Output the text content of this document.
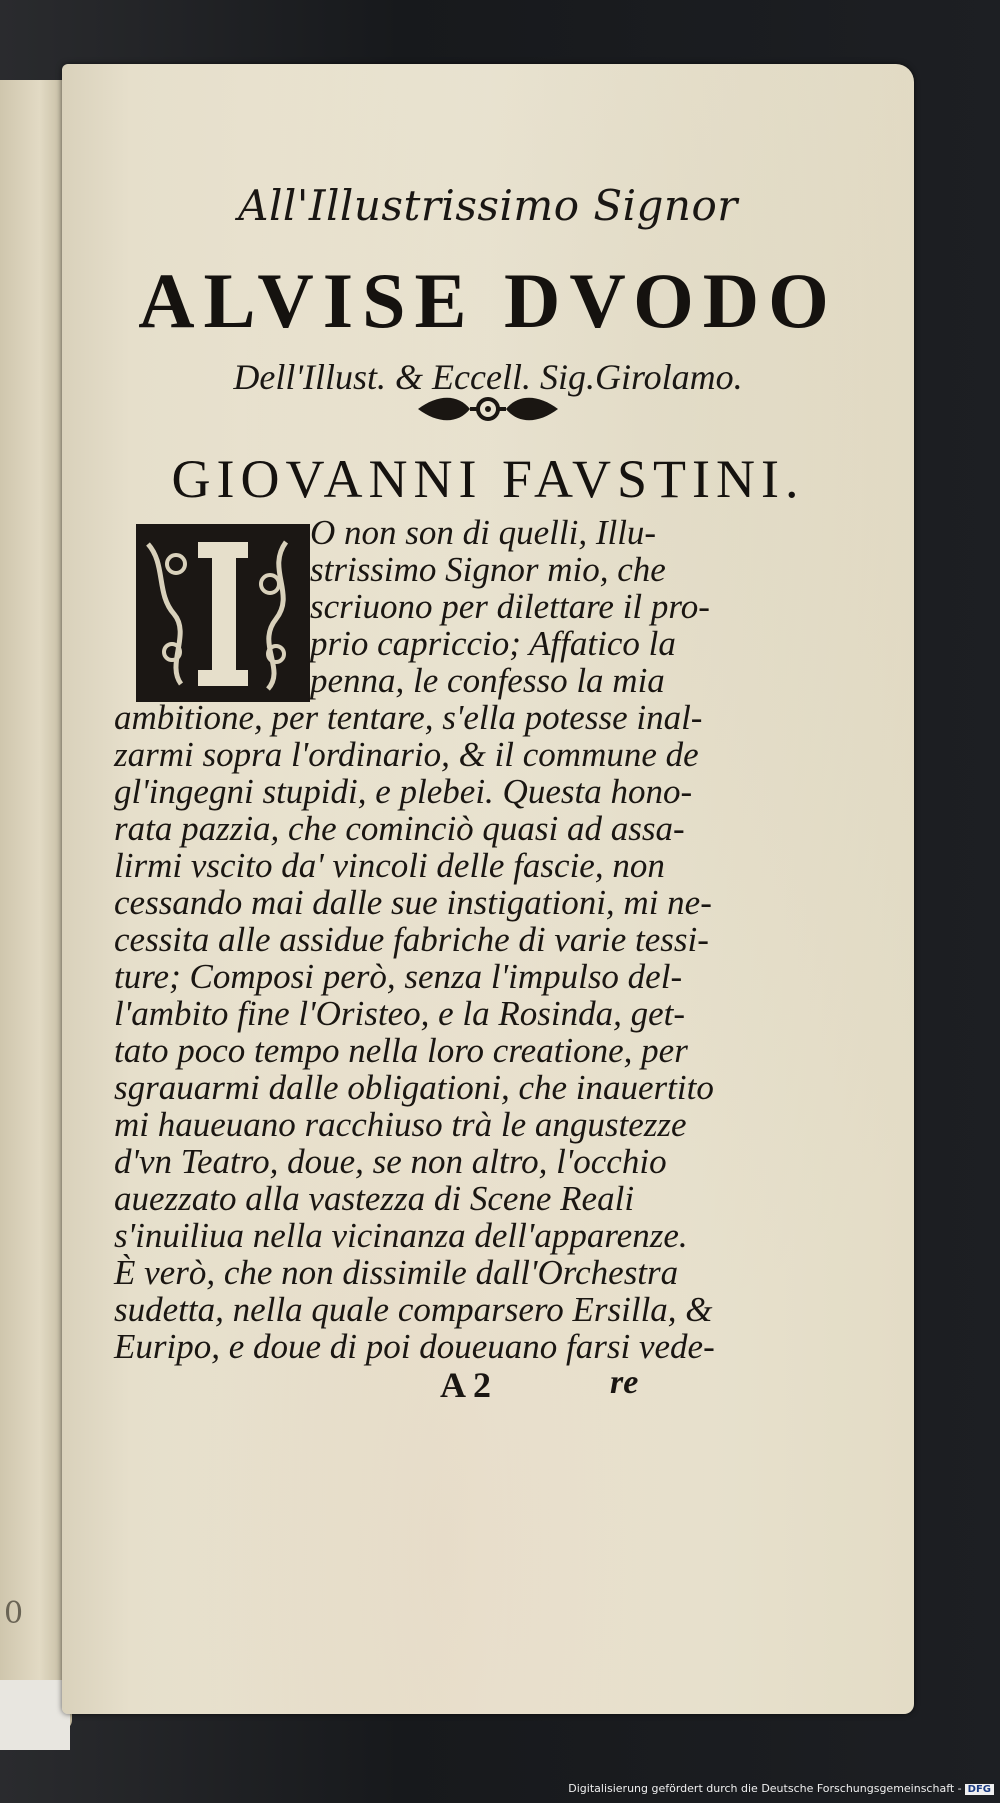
0
All'Illustrissimo Signor
ALVISE DVODO
Dell'Illust. & Eccell. Sig.Girolamo.
GIOVANNI FAVSTINI.
O non son di quelli, Illu-
strissimo Signor mio, che
scriuono per dilettare il pro-
prio capriccio; Affatico la
penna, le confesso la mia
ambitione, per tentare, s'ella potesse inal-
zarmi sopra l'ordinario, & il commune de
gl'ingegni stupidi, e plebei. Questa hono-
rata pazzia, che cominciò quasi ad assa-
lirmi vscito da' vincoli delle fascie, non
cessando mai dalle sue instigationi, mi ne-
cessita alle assidue fabriche di varie tessi-
ture; Composi però, senza l'impulso del-
l'ambito fine l'Oristeo, e la Rosinda, get-
tato poco tempo nella loro creatione, per
sgrauarmi dalle obligationi, che inauertito
mi haueuano racchiuso trà le angustezze
d'vn Teatro, doue, se non altro, l'occhio
auezzato alla vastezza di Scene Reali
s'inuiliua nella vicinanza dell'apparenze.
È verò, che non dissimile dall'Orchestra
sudetta, nella quale comparsero Ersilla, &
Euripo, e doue di poi doueuano farsi vede-
A 2	re
Digitalisierung gefördert durch die Deutsche Forschungsgemeinschaft - DFG
